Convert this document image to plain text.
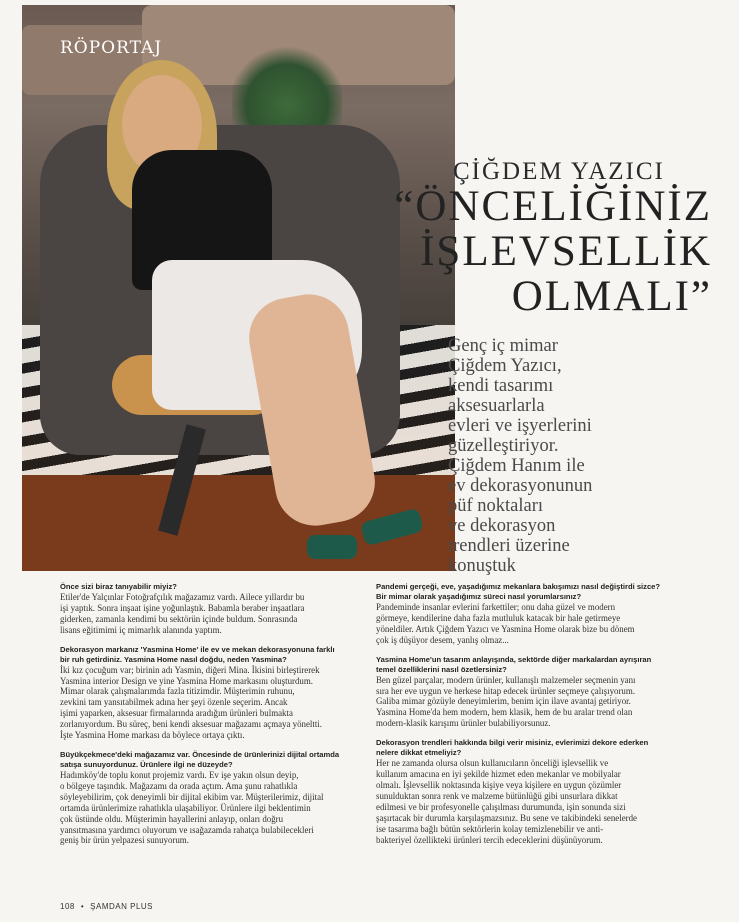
RÖPORTAJ
ÇİĞDEM YAZICI
“ÖNCELİĞİNİZ
İŞLEVSELLİK
OLMALI”
Genç iç mimar
Çiğdem Yazıcı,
kendi tasarımı
aksesuarlarla
evleri ve işyerlerini
güzelleştiriyor.
Çiğdem Hanım ile
ev dekorasyonunun
püf noktaları
ve dekorasyon
trendleri üzerine
konuştuk

Önce sizi biraz tanıyabilir miyiz?

Etiler'de Yalçınlar Fotoğrafçılık mağazamız vardı. Ailece yıllardır bu
işi yaptık. Sonra inşaat işine yoğunlaştık. Babamla beraber inşaatlara
giderken, zamanla kendimi bu sektörün içinde buldum. Sonrasında
lisans eğitimimi iç mimarlık alanında yaptım.

Dekorasyon markanız 'Yasmina Home' ile ev ve mekan dekorasyonuna farklı
bir ruh getirdiniz. Yasmina Home nasıl doğdu, neden Yasmina?

İki kız çocuğum var; birinin adı Yasmin, diğeri Mina. İkisini birleştirerek
Yasmina interior Design ve yine Yasmina Home markasını oluşturdum.
Mimar olarak çalışmalarımda fazla titizimdir. Müşterimin ruhunu,
zevkini tam yansıtabilmek adına her şeyi özenle seçerim. Ancak
işimi yaparken, aksesuar firmalarında aradığım ürünleri bulmakta
zorlanıyordum. Bu süreç, beni kendi aksesuar mağazamı açmaya yöneltti.
İşte Yasmina Home markası da böylece ortaya çıktı.

Büyükçekmece'deki mağazamız var. Öncesinde de ürünlerinizi dijital ortamda
satışa sunuyordunuz. Ürünlere ilgi ne düzeyde?

Hadımköy'de toplu konut projemiz vardı. Ev işe yakın olsun deyip,
o bölgeye taşındık. Mağazamı da orada açtım. Ama şunu rahatlıkla
söyleyebilirim, çok deneyimli bir dijital ekibim var. Müşterilerimiz, dijital
ortamda ürünlerimize rahatlıkla ulaşabiliyor. Ürünlere ilgi beklentimin
çok üstünde oldu. Müşterimin hayallerini anlayıp, onları doğru
yansıtmasına yardımcı oluyorum ve ısağazamda rahatça bulabilecekleri
geniş bir ürün yelpazesi sunuyorum.

Pandemi gerçeği, eve, yaşadığımız mekanlara bakışımızı nasıl değiştirdi sizce?
Bir mimar olarak yaşadığımız süreci nasıl yorumlarsınız?

Pandeminde insanlar evlerini farkettiler; onu daha güzel ve modern
görmeye, kendilerine daha fazla mutluluk katacak bir hale getirmeye
yöneldiler. Artık Çiğdem Yazıcı ve Yasmina Home olarak bize bu dönem
çok iş düşüyor desem, yanlış olmaz...

Yasmina Home'un tasarım anlayışında, sektörde diğer markalardan ayrışıran
temel özelliklerini nasıl özetlersiniz?

Ben güzel parçalar, modern ürünler, kullanışlı malzemeler seçmenin yanı
sıra her eve uygun ve herkese hitap edecek ürünler seçmeye çalışıyorum.
Galiba mimar gözüyle deneyimlerim, benim için ilave avantaj getiriyor.
Yasmina Home'da hem modern, hem klasik, hem de bu aralar trend olan
modern-klasik karışımı ürünler bulabiliyorsunuz.

Dekorasyon trendleri hakkında bilgi verir misiniz, evlerimizi dekore ederken
nelere dikkat etmeliyiz?

Her ne zamanda olursa olsun kullanıcıların önceliği işlevsellik ve
kullanım amacına en iyi şekilde hizmet eden mekanlar ve mobilyalar
olmalı. İşlevsellik noktasında kişiye veya kişilere en uygun çözümler
sunulduktan sonra renk ve malzeme bütünlüğü gibi unsurlara dikkat
edilmesi ve bir profesyonelle çalışılması durumunda, işin sonunda sizi
şaşırtacak bir durumla karşılaşmazsınız. Bu sene ve takibindeki senelerde
ise tasarıma bağlı bütün sektörlerin kolay temizlenebilir ve anti-
bakteriyel özellikteki ürünleri tercih edeceklerini düşünüyorum.

108 • ŞAMDAN PLUS
